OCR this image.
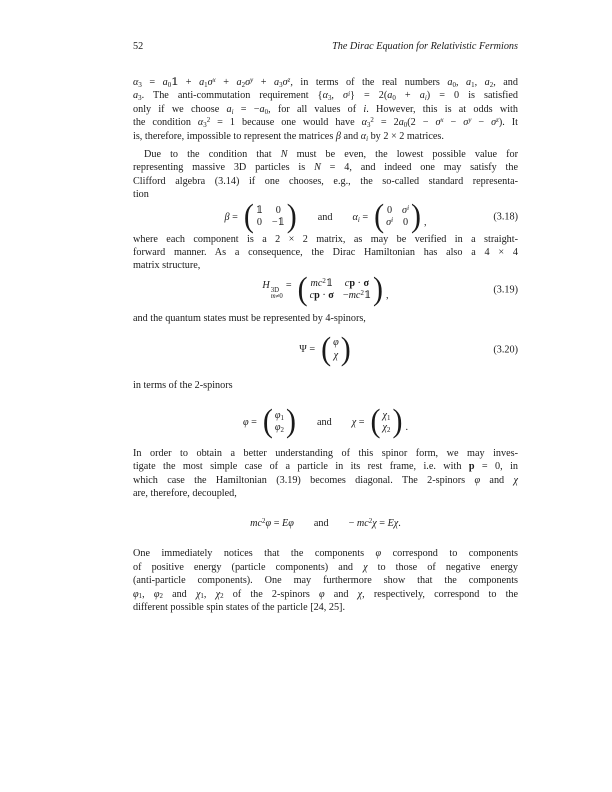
52	The Dirac Equation for Relativistic Fermions
$\alpha_3$ = $a_0𝟙 + a_1\sigma^x + a_2\sigma^y + a_3\sigma^z$, in terms of the real numbers $a_0$, $a_1$, $a_2$, and
$a_3$. The anti-commutation requirement {$\alpha_3$, $\sigma^i\} = 2(a_0 + a_i) = 0$ is satisfied
only if we choose $a_i = -a_0$, for all values of i. However, this is at odds with
the condition $\alpha_3^2 = 1$ because one would have $\alpha_3^2 = 2a_0(2 - \sigma^x - \sigma^y - \sigma^z)$. It
is, therefore, impossible to represent the matrices β and $\alpha_i$ by 2 × 2 matrices.
Due to the condition that N must be even, the lowest possible value for
representing massive 3D particles is N = 4, and indeed one may satisfy the
Clifford algebra (3.14) if one chooses, e.g., the so-called standard representa-
tion
β = ( 𝟙 0
0 −𝟙 ) and $\alpha_i$ = ( 0 $\sigma^i$
$\sigma^i$ 0 ) ,	(3.18)
where each component is a 2 × 2 matrix, as may be verified in a straight-
forward manner. As a consequence, the Dirac Hamiltonian has also a 4 × 4
matrix structure,
H 3D
m≠0
= ( $mc^2𝟙$ cp · σ
cp · $\sigma -mc^2𝟙$ ) ,	(3.19)
and the quantum states must be represented by 4-spinors,
Ψ = ( φ
χ )	(3.20)
in terms of the 2-spinors
φ = ( $\varphi_1$
$\varphi_2$ ) and χ = ( $\chi_1$
$\chi_2$ ) .
In order to obtain a better understanding of this spinor form, we may inves-
tigate the most simple case of a particle in its rest frame, i.e. with p = 0, in
which case the Hamiltonian (3.19) becomes diagonal. The 2-spinors φ and χ
are, therefore, decoupled,
$mc^2\varphi = E\varphi$ and − $mc^2\chi = E\chi$.
One immediately notices that the components φ correspond to components
of positive energy (particle components) and χ to those of negative energy
(anti-particle components). One may furthermore show that the components
$\varphi_1$, $\varphi_2$ and $\chi_1$, $\chi_2$ of the 2-spinors φ and χ, respectively, correspond to the
different possible spin states of the particle [24, 25].
